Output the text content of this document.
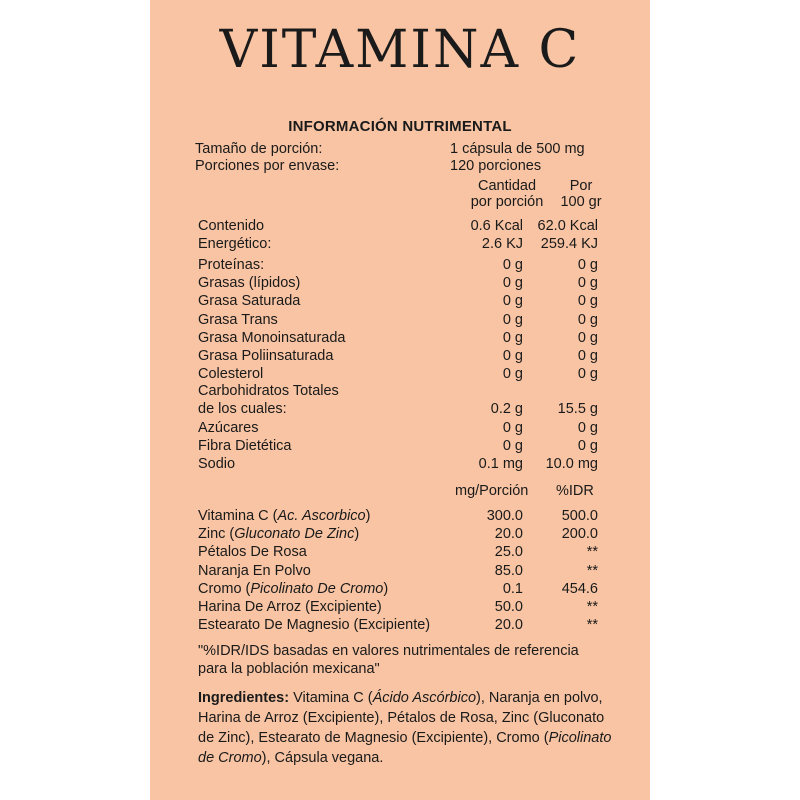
VITAMINA C
INFORMACIÓN NUTRIMENTAL
Tamaño de porción:	1 cápsula de 500 mg
Porciones por envase:	120 porciones
Cantidad
por porción
Por
100 gr
Contenido	0.6 Kcal 62.0 Kcal
Energético:	2.6 KJ 259.4 KJ
Proteínas:	0 g	0 g
Grasas (lípidos)	0 g	0 g
Grasa Saturada	0 g	0 g
Grasa Trans	0 g	0 g
Grasa Monoinsaturada	0 g	0 g
Grasa Poliinsaturada	0 g	0 g
Colesterol	0 g	0 g
Carbohidratos Totales
de los cuales:	0.2 g 15.5 g
Azúcares	0 g	0 g
Fibra Dietética	0 g	0 g
Sodio	0.1 mg 10.0 mg
mg/Porción %IDR
Vitamina C (Ac. Ascorbico)	300.0	500.0
Zinc (Gluconato De Zinc)	20.0	200.0
Pétalos De Rosa	25.0	**
Naranja En Polvo	85.0	**
Cromo (Picolinato De Cromo)	0.1	454.6
Harina De Arroz (Excipiente)	50.0	**
Estearato De Magnesio (Excipiente)	20.0	**
"%IDR/IDS basadas en valores nutrimentales de referencia para la población mexicana"
Ingredientes: Vitamina C (Ácido Ascórbico), Naranja en polvo, Harina de Arroz (Excipiente), Pétalos de Rosa, Zinc (Gluconato de Zinc), Estearato de Magnesio (Excipiente), Cromo (Picolinato de Cromo), Cápsula vegana.
